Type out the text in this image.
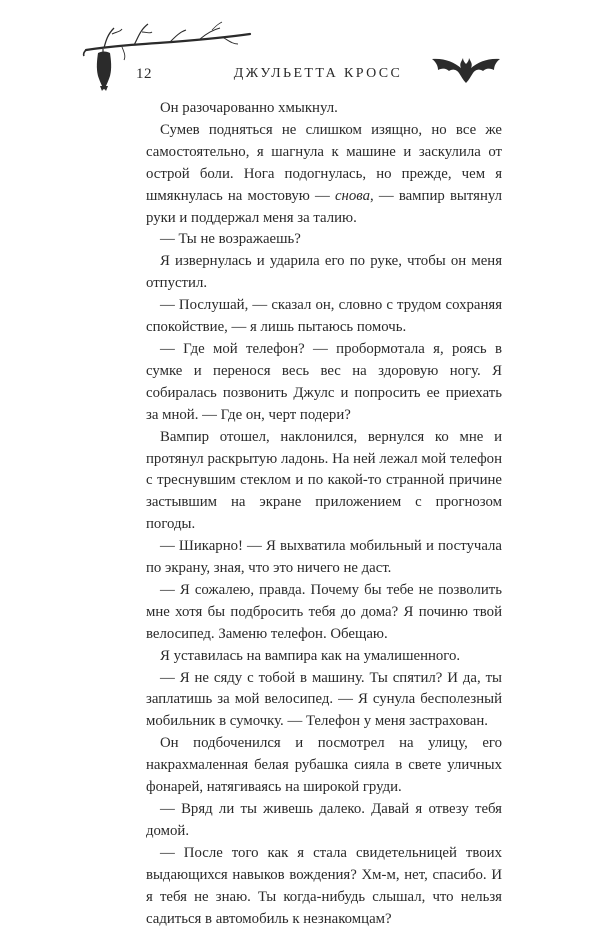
12	ДЖУЛЬЕТТА КРОСС

Он разочарованно хмыкнул.

Сумев подняться не слишком изящно, но все же самостоятельно, я шагнула к машине и заскулила от острой боли. Нога подогнулась, но прежде, чем я шмякнулась на мостовую — снова, — вампир вытянул руки и поддержал меня за талию.

— Ты не возражаешь?

Я извернулась и ударила его по руке, чтобы он меня отпустил.

— Послушай, — сказал он, словно с трудом сохраняя спокойствие, — я лишь пытаюсь помочь.

— Где мой телефон? — пробормотала я, роясь в сумке и перенося весь вес на здоровую ногу. Я собиралась позвонить Джулс и попросить ее приехать за мной. — Где он, черт подери?

Вампир отошел, наклонился, вернулся ко мне и протянул раскрытую ладонь. На ней лежал мой телефон с треснувшим стеклом и по какой-то странной причине застывшим на экране приложением с прогнозом погоды.

— Шикарно! — Я выхватила мобильный и постучала по экрану, зная, что это ничего не даст.

— Я сожалею, правда. Почему бы тебе не позволить мне хотя бы подбросить тебя до дома? Я починю твой велосипед. Заменю телефон. Обещаю.

Я уставилась на вампира как на умалишенного.

— Я не сяду с тобой в машину. Ты спятил? И да, ты заплатишь за мой велосипед. — Я сунула бесполезный мобильник в сумочку. — Телефон у меня застрахован.

Он подбоченился и посмотрел на улицу, его накрахмаленная белая рубашка сияла в свете уличных фонарей, натягиваясь на широкой груди.

— Вряд ли ты живешь далеко. Давай я отвезу тебя домой.

— После того как я стала свидетельницей твоих выдающихся навыков вождения? Хм-м, нет, спасибо. И я тебя не знаю. Ты когда-нибудь слышал, что нельзя садиться в автомобиль к незнакомцам?
